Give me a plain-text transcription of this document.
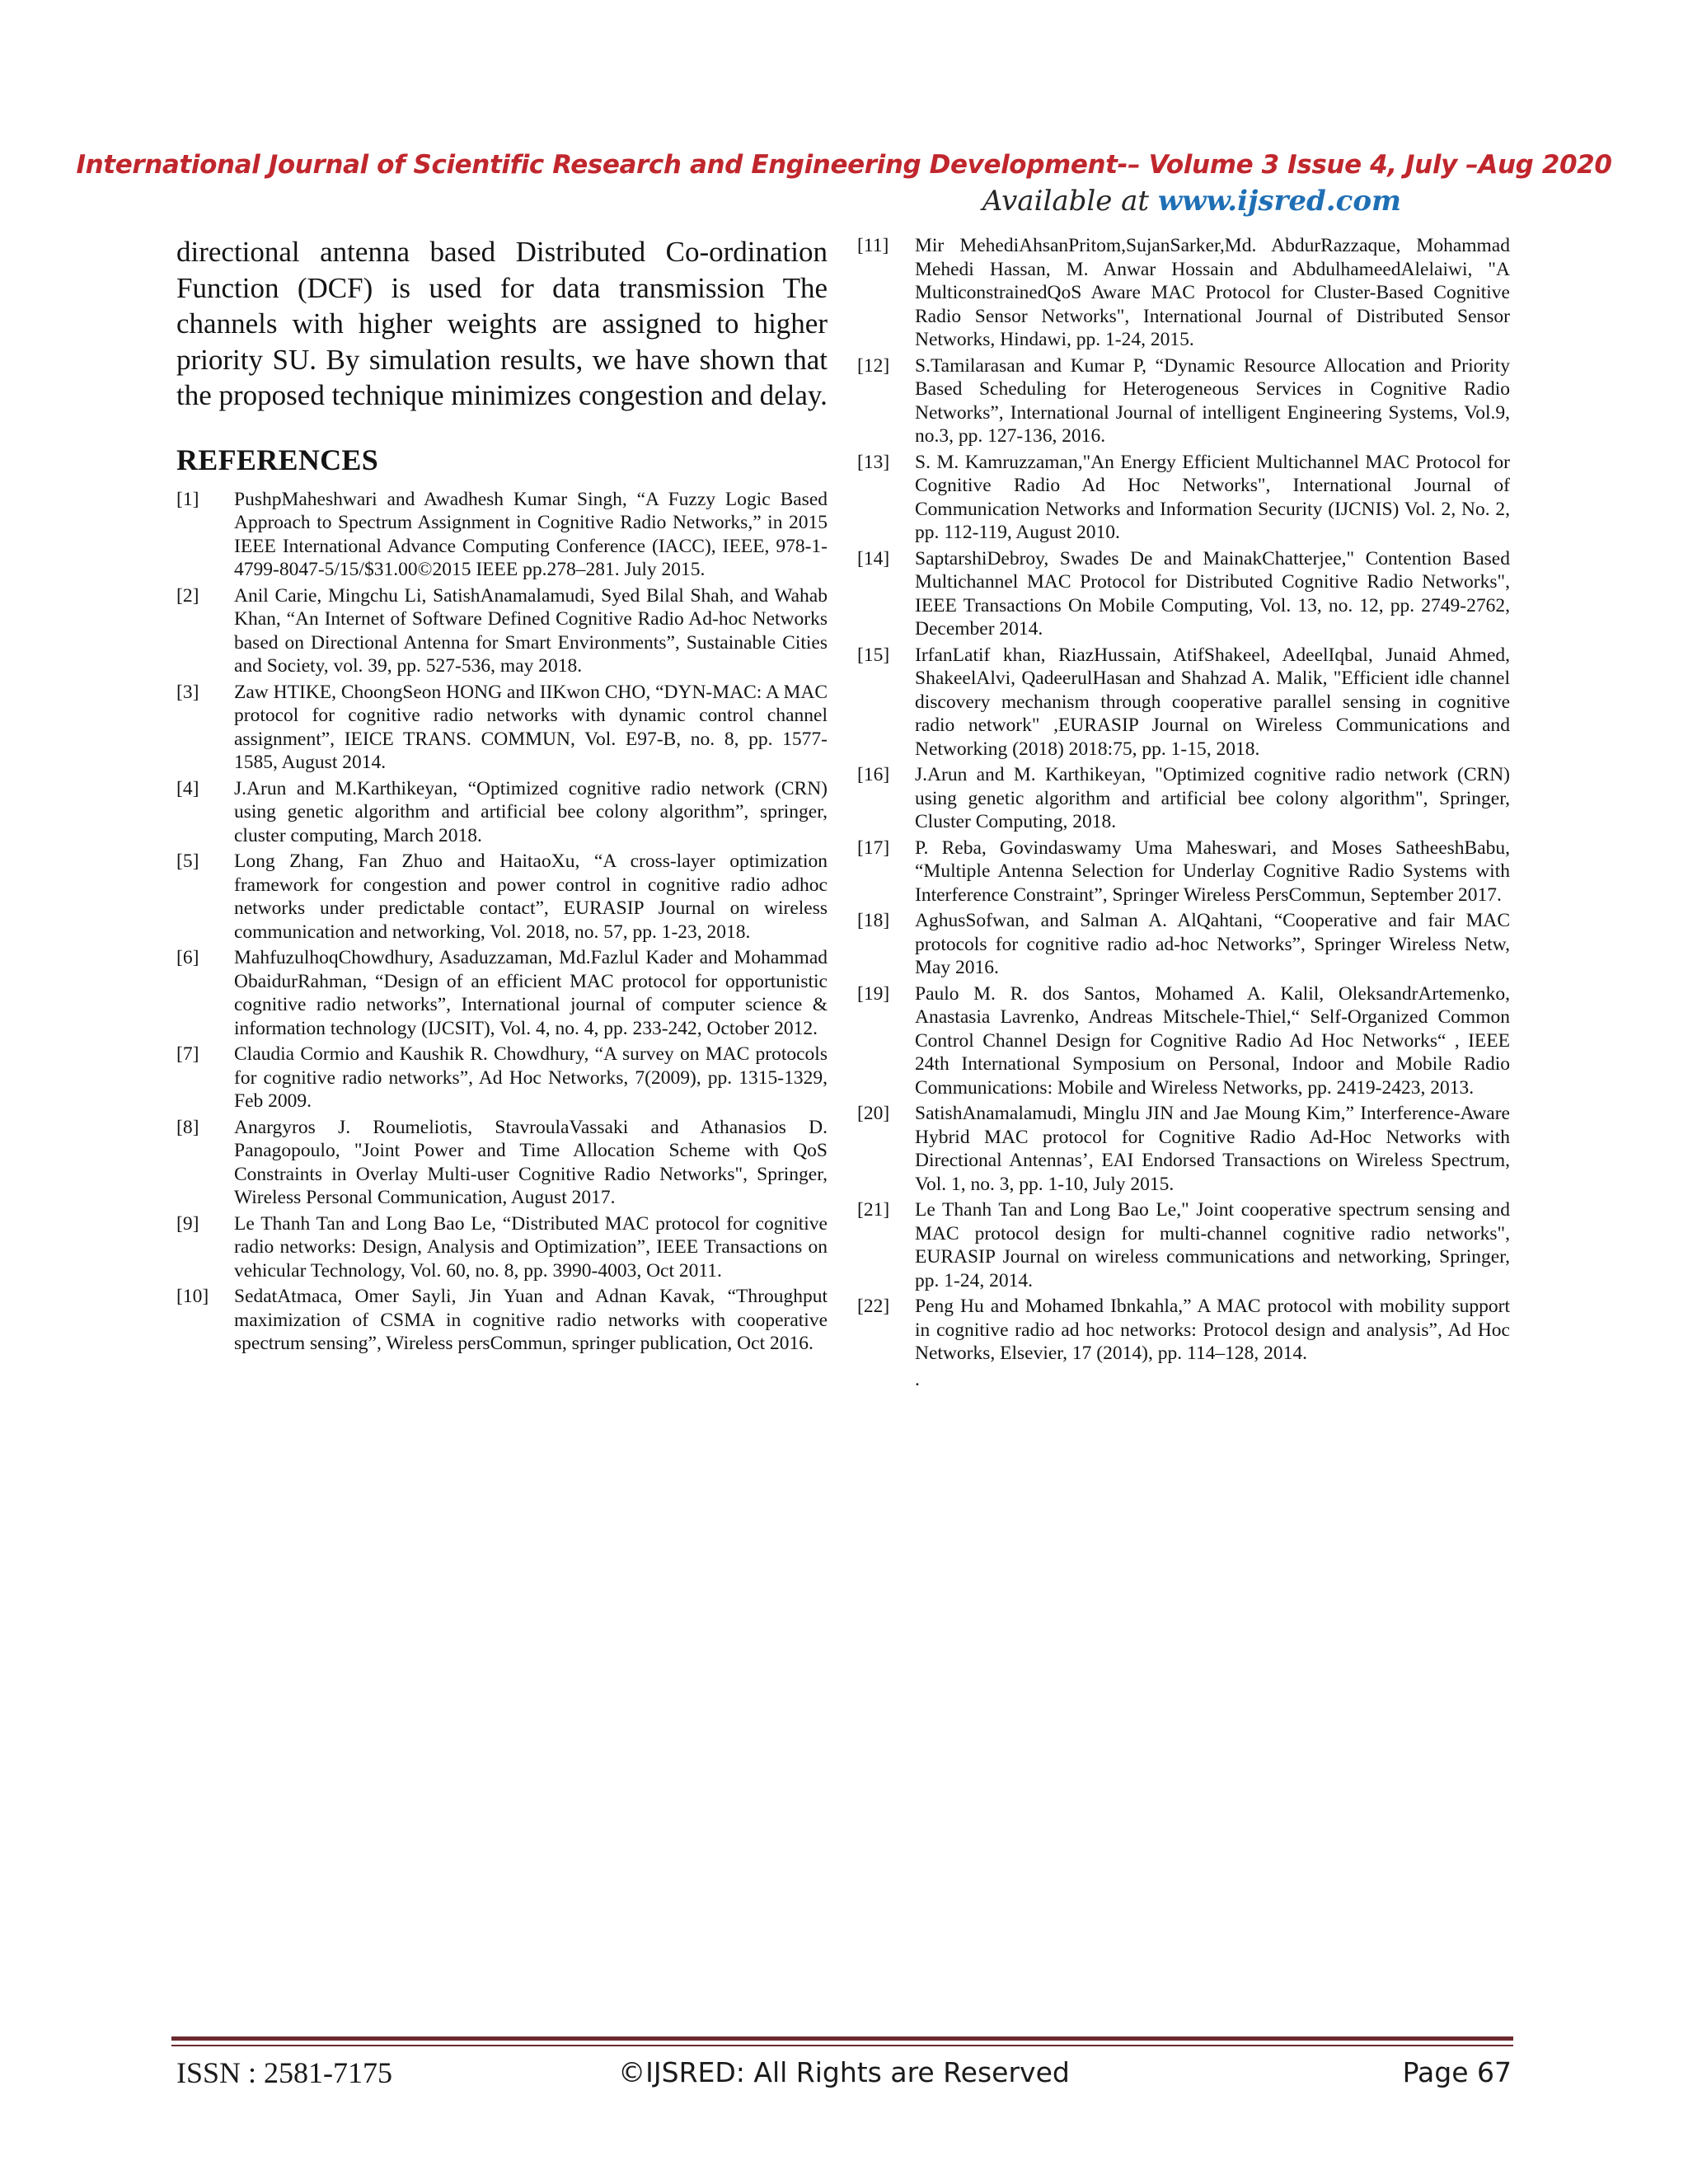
International Journal of Scientific Research and Engineering Development-– Volume 3 Issue 4, July –Aug 2020
Available at www.ijsred.com

directional antenna based Distributed Co-ordination Function (DCF) is used for data transmission The channels with higher weights are assigned to higher priority SU. By simulation results, we have shown that the proposed technique minimizes congestion and delay.

REFERENCES
[1]	PushpMaheshwari and Awadhesh Kumar Singh, “A Fuzzy Logic Based Approach to Spectrum Assignment in Cognitive Radio Networks,” in 2015 IEEE International Advance Computing Conference (IACC), IEEE, 978-1-4799-8047-5/15/$31.00©2015 IEEE pp.278–281. July 2015.
[2]	Anil Carie, Mingchu Li, SatishAnamalamudi, Syed Bilal Shah, and Wahab Khan, “An Internet of Software Defined Cognitive Radio Ad-hoc Networks based on Directional Antenna for Smart Environments”, Sustainable Cities and Society, vol. 39, pp. 527-536, may 2018.
[3]	Zaw HTIKE, ChoongSeon HONG and IIKwon CHO, “DYN-MAC: A MAC protocol for cognitive radio networks with dynamic control channel assignment”, IEICE TRANS. COMMUN, Vol. E97-B, no. 8, pp. 1577-1585, August 2014.
[4]	J.Arun and M.Karthikeyan, “Optimized cognitive radio network (CRN) using genetic algorithm and artificial bee colony algorithm”, springer, cluster computing, March 2018.
[5]	Long Zhang, Fan Zhuo and HaitaoXu, “A cross-layer optimization framework for congestion and power control in cognitive radio adhoc networks under predictable contact”, EURASIP Journal on wireless communication and networking, Vol. 2018, no. 57, pp. 1-23, 2018.
[6]	MahfuzulhoqChowdhury, Asaduzzaman, Md.Fazlul Kader and Mohammad ObaidurRahman, “Design of an efficient MAC protocol for opportunistic cognitive radio networks”, International journal of computer science & information technology (IJCSIT), Vol. 4, no. 4, pp. 233-242, October 2012.
[7]	Claudia Cormio and Kaushik R. Chowdhury, “A survey on MAC protocols for cognitive radio networks”, Ad Hoc Networks, 7(2009), pp. 1315-1329, Feb 2009.
[8]	Anargyros J. Roumeliotis, StavroulaVassaki and Athanasios D. Panagopoulo, "Joint Power and Time Allocation Scheme with QoS Constraints in Overlay Multi-user Cognitive Radio Networks", Springer, Wireless Personal Communication, August 2017.
[9]	Le Thanh Tan and Long Bao Le, “Distributed MAC protocol for cognitive radio networks: Design, Analysis and Optimization”, IEEE Transactions on vehicular Technology, Vol. 60, no. 8, pp. 3990-4003, Oct 2011.
[10]	SedatAtmaca, Omer Sayli, Jin Yuan and Adnan Kavak, “Throughput maximization of CSMA in cognitive radio networks with cooperative spectrum sensing”, Wireless persCommun, springer publication, Oct 2016.
[11]	Mir MehediAhsanPritom,SujanSarker,Md. AbdurRazzaque, Mohammad Mehedi Hassan, M. Anwar Hossain and AbdulhameedAlelaiwi, "A MulticonstrainedQoS Aware MAC Protocol for Cluster-Based Cognitive Radio Sensor Networks", International Journal of Distributed Sensor Networks, Hindawi, pp. 1-24, 2015.
[12]	S.Tamilarasan and Kumar P, “Dynamic Resource Allocation and Priority Based Scheduling for Heterogeneous Services in Cognitive Radio Networks”, International Journal of intelligent Engineering Systems, Vol.9, no.3, pp. 127-136, 2016.
[13]	S. M. Kamruzzaman,"An Energy Efficient Multichannel MAC Protocol for Cognitive Radio Ad Hoc Networks", International Journal of Communication Networks and Information Security (IJCNIS) Vol. 2, No. 2, pp. 112-119, August 2010.
[14]	SaptarshiDebroy, Swades De and MainakChatterjee," Contention Based Multichannel MAC Protocol for Distributed Cognitive Radio Networks", IEEE Transactions On Mobile Computing, Vol. 13, no. 12, pp. 2749-2762, December 2014.
[15]	IrfanLatif khan, RiazHussain, AtifShakeel, AdeelIqbal, Junaid Ahmed, ShakeelAlvi, QadeerulHasan and Shahzad A. Malik, "Efficient idle channel discovery mechanism through cooperative parallel sensing in cognitive radio network" ,EURASIP Journal on Wireless Communications and Networking (2018) 2018:75, pp. 1-15, 2018.
[16]	J.Arun and M. Karthikeyan, "Optimized cognitive radio network (CRN) using genetic algorithm and artificial bee colony algorithm", Springer, Cluster Computing, 2018.
[17]	P. Reba, Govindaswamy Uma Maheswari, and Moses SatheeshBabu, “Multiple Antenna Selection for Underlay Cognitive Radio Systems with Interference Constraint”, Springer Wireless PersCommun, September 2017.
[18]	AghusSofwan, and Salman A. AlQahtani, “Cooperative and fair MAC protocols for cognitive radio ad-hoc Networks”, Springer Wireless Netw, May 2016.
[19]	Paulo M. R. dos Santos, Mohamed A. Kalil, OleksandrArtemenko, Anastasia Lavrenko, Andreas Mitschele-Thiel,“ Self-Organized Common Control Channel Design for Cognitive Radio Ad Hoc Networks“ , IEEE 24th International Symposium on Personal, Indoor and Mobile Radio Communications: Mobile and Wireless Networks, pp. 2419-2423, 2013.
[20]	SatishAnamalamudi, Minglu JIN and Jae Moung Kim,” Interference-Aware Hybrid MAC protocol for Cognitive Radio Ad-Hoc Networks with Directional Antennas’, EAI Endorsed Transactions on Wireless Spectrum, Vol. 1, no. 3, pp. 1-10, July 2015.
[21]	Le Thanh Tan and Long Bao Le," Joint cooperative spectrum sensing and MAC protocol design for multi-channel cognitive radio networks", EURASIP Journal on wireless communications and networking, Springer, pp. 1-24, 2014.
[22]	Peng Hu and Mohamed Ibnkahla,” A MAC protocol with mobility support in cognitive radio ad hoc networks: Protocol design and analysis”, Ad Hoc Networks, Elsevier, 17 (2014), pp. 114–128, 2014.
.
©IJSRED: All Rights are Reserved
ISSN : 2581-7175	Page 67
